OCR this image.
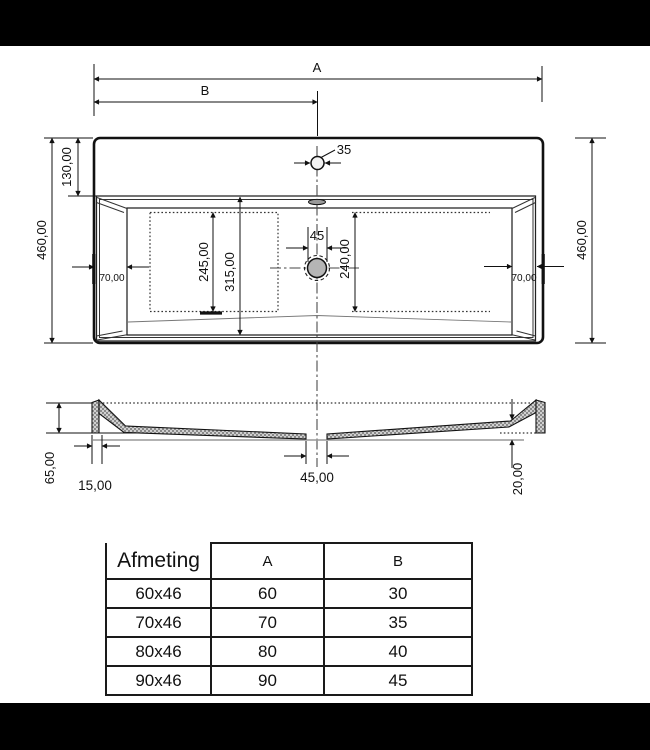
35
45
A
B
460,00
130,00
460,00
70,00	70,00
245,00 315,00	240,00
65,00
15,00
45,00	20,00
Afmeting	A	B
60x46	60	30
70x46	70	35
80x46	80	40
90x46	90	45
